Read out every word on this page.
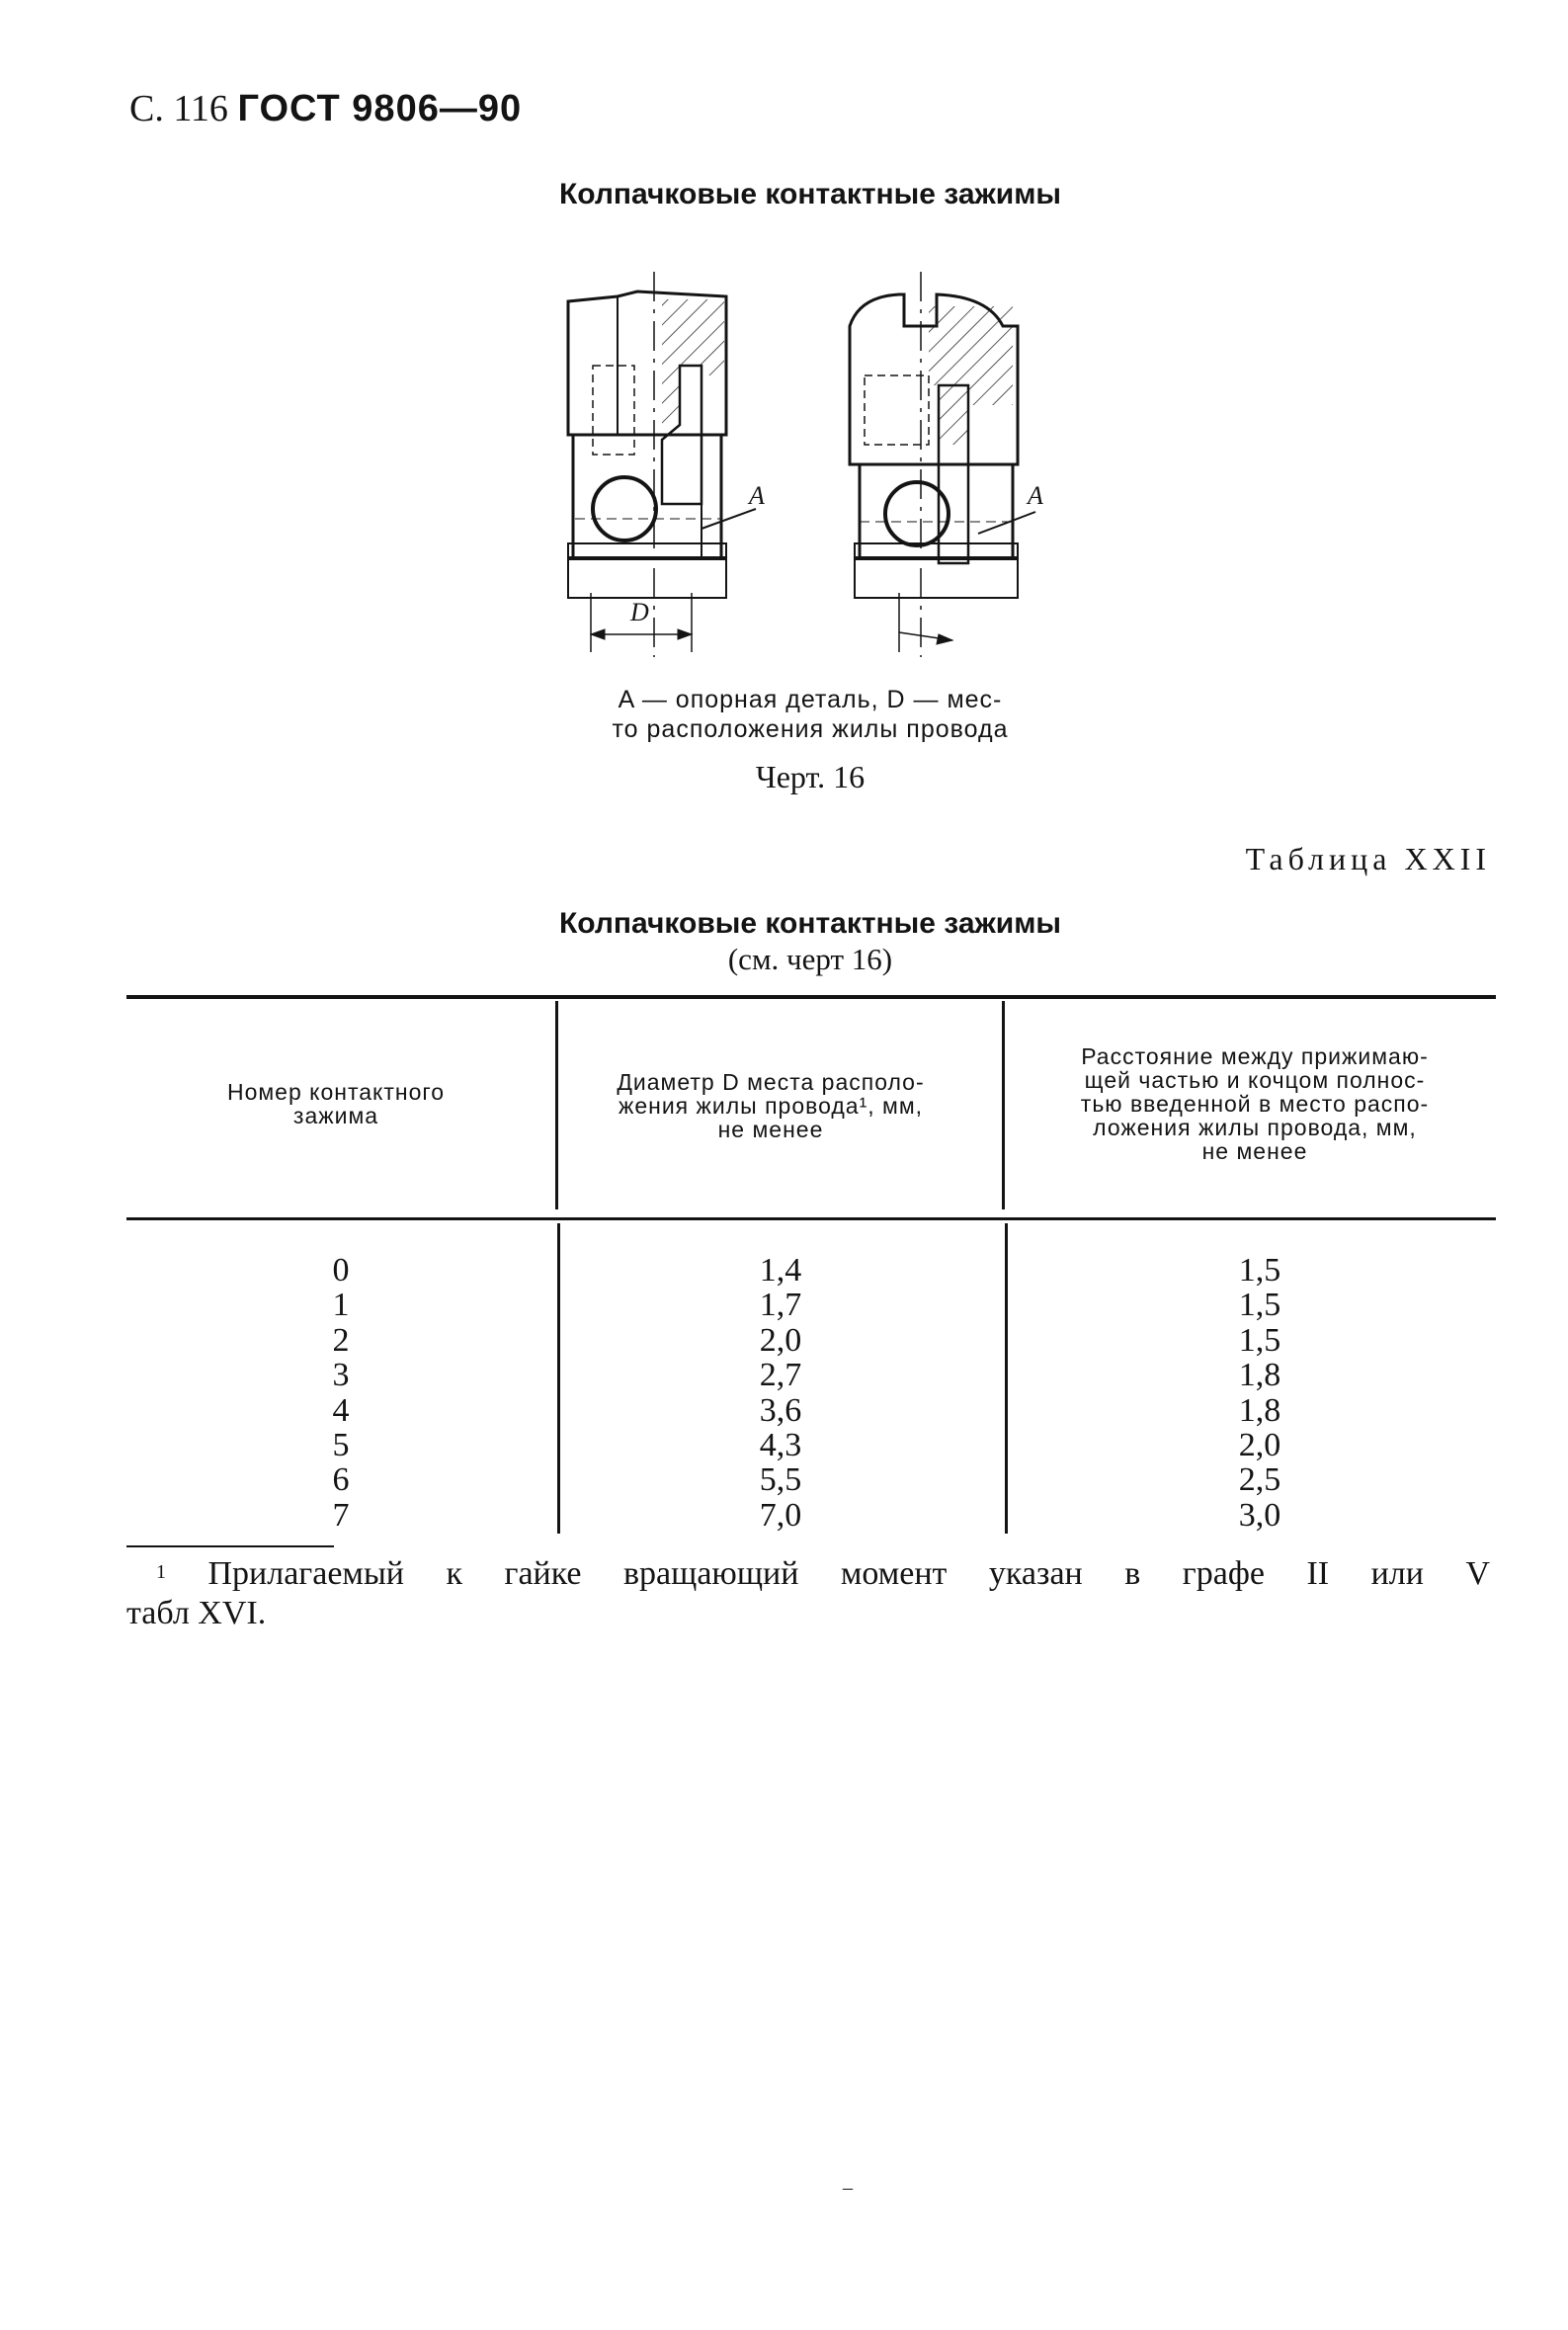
С. 116 ГОСТ 9806—90
Колпачковые контактные зажимы
A	A
D
A — опорная деталь, D — мес-
то расположения жилы провода
Черт. 16
Таблица XXII
Колпачковые контактные зажимы
(см. черт 16)
Номер контактного
зажима
Диаметр D места располо-
жения жилы провода¹, мм,
не менее
Расстояние между прижимаю-
щей частью и кочцом полнос-
тью введенной в место распо-
ложения жилы провода, мм,
не менее
0
1
2
3
4
5
6
7
1,4
1,7
2,0
2,7
3,6
4,3
5,5
7,0
1,5
1,5
1,5
1,8
1,8
2,0
2,5
3,0
$^1$ Прилагаемый к гайке вращающий момент указан в графе II или V
табл XVI.
–
